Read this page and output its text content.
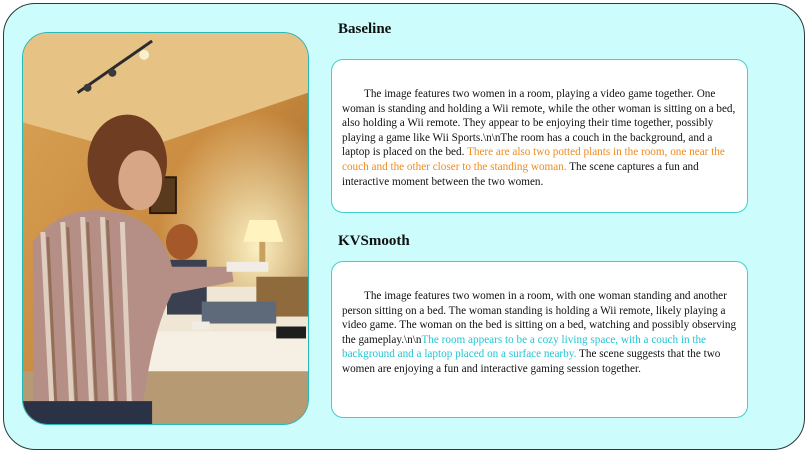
Baseline

The image features two women in a room, playing a video game together. One woman is standing and holding a Wii remote, while the other woman is sitting on a bed, also holding a Wii remote. They appear to be enjoying their time together, possibly playing a game like Wii Sports.\n\nThe room has a couch in the background, and a laptop is placed on the bed. There are also two potted plants in the room, one near the couch and the other closer to the standing woman. The scene captures a fun and interactive moment between the two women.

KVSmooth

The image features two women in a room, with one woman standing and another person sitting on a bed. The woman standing is holding a Wii remote, likely playing a video game. The woman on the bed is sitting on a bed, watching and possibly observing the gameplay.\n\nThe room appears to be a cozy living space, with a couch in the background and a laptop placed on a surface nearby. The scene suggests that the two women are enjoying a fun and interactive gaming session together.
